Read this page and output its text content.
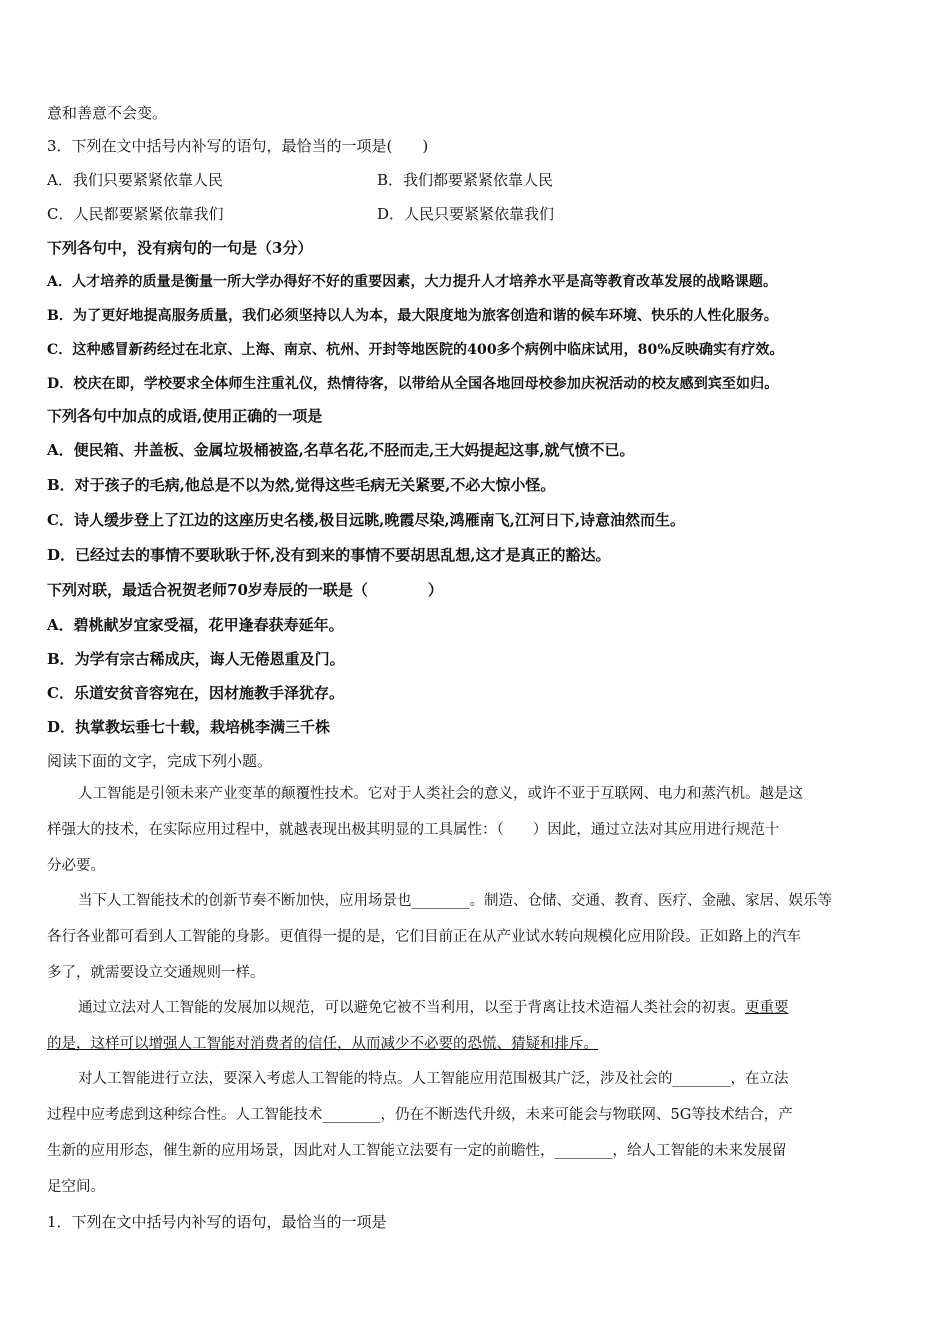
意和善意不会变。
3．下列在文中括号内补写的语句，最恰当的一项是(　　)
A．我们只要紧紧依靠人民	B．我们都要紧紧依靠人民
C．人民都要紧紧依靠我们	D．人民只要紧紧依靠我们
下列各句中，没有病句的一句是（3分）
A．人才培养的质量是衡量一所大学办得好不好的重要因素，大力提升人才培养水平是高等教育改革发展的战略课题。
B．为了更好地提高服务质量，我们必须坚持以人为本，最大限度地为旅客创造和谐的候车环境、快乐的人性化服务。
C．这种感冒新药经过在北京、上海、南京、杭州、开封等地医院的400多个病例中临床试用，80%反映确实有疗效。
D．校庆在即，学校要求全体师生注重礼仪，热情待客，以带给从全国各地回母校参加庆祝活动的校友感到宾至如归。
下列各句中加点的成语,使用正确的一项是
A．便民箱、井盖板、金属垃圾桶被盗,名草名花,不胫而走,王大妈提起这事,就气愤不已。
B．对于孩子的毛病,他总是不以为然,觉得这些毛病无关紧要,不必大惊小怪。
C．诗人缓步登上了江边的这座历史名楼,极目远眺,晚霞尽染,鸿雁南飞,江河日下,诗意油然而生。
D．已经过去的事情不要耿耿于怀,没有到来的事情不要胡思乱想,这才是真正的豁达。
下列对联，最适合祝贺老师70岁寿辰的一联是（　　　　）
A．碧桃献岁宜家受福，花甲逢春获寿延年。
B．为学有宗古稀成庆，诲人无倦恩重及门。
C．乐道安贫音容宛在，因材施教手泽犹存。
D．执掌教坛垂七十载，栽培桃李满三千株
阅读下面的文字，完成下列小题。
人工智能是引领未来产业变革的颠覆性技术。它对于人类社会的意义，或许不亚于互联网、电力和蒸汽机。越是这
样强大的技术，在实际应用过程中，就越表现出极其明显的工具属性：（　　）因此，通过立法对其应用进行规范十
分必要。
当下人工智能技术的创新节奏不断加快，应用场景也________。制造、仓储、交通、教育、医疗、金融、家居、娱乐等
各行各业都可看到人工智能的身影。更值得一提的是，它们目前正在从产业试水转向规模化应用阶段。正如路上的汽车
多了，就需要设立交通规则一样。
通过立法对人工智能的发展加以规范，可以避免它被不当利用，以至于背离让技术造福人类社会的初衷。更重要
的是，这样可以增强人工智能对消费者的信任，从而减少不必要的恐慌、猜疑和排斥。
对人工智能进行立法，要深入考虑人工智能的特点。人工智能应用范围极其广泛，涉及社会的________，在立法
过程中应考虑到这种综合性。人工智能技术________，仍在不断迭代升级，未来可能会与物联网、5G等技术结合，产
生新的应用形态，催生新的应用场景，因此对人工智能立法要有一定的前瞻性，________，给人工智能的未来发展留
足空间。
1．下列在文中括号内补写的语句，最恰当的一项是
